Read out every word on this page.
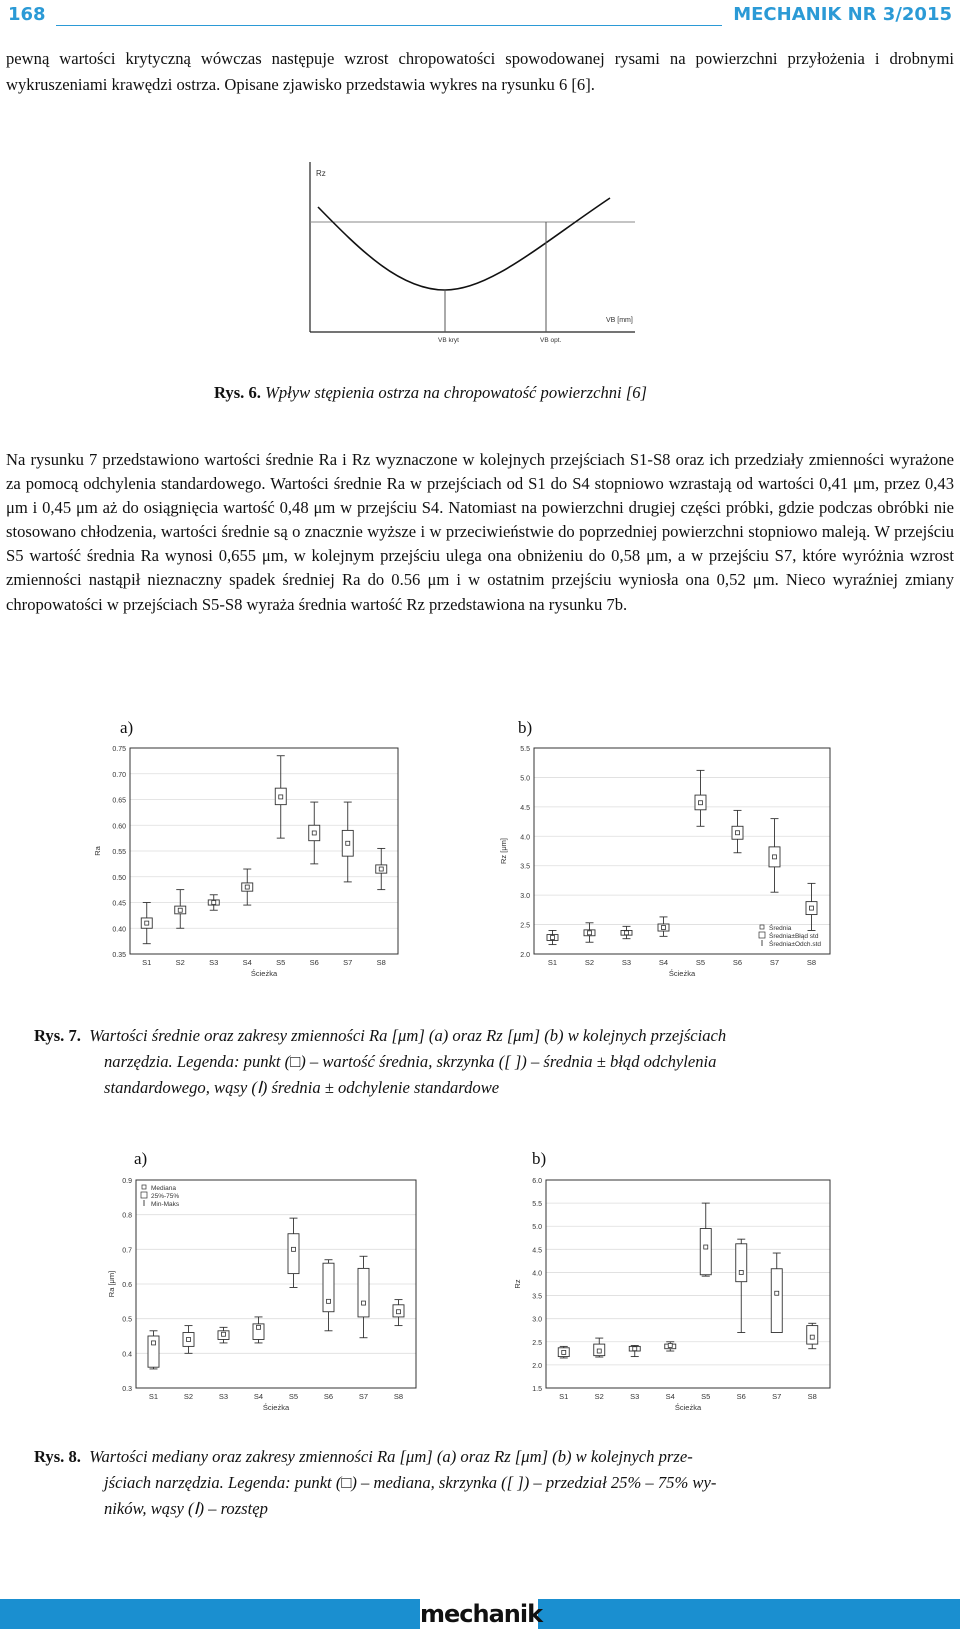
168	MECHANIK NR 3/2015

pewną wartości krytyczną wówczas następuje wzrost chropowatości spowodowanej rysami na powierzchni przyłożenia i drobnymi wykruszeniami krawędzi ostrza. Opisane zjawisko przedstawia wykres na rysunku 6 [6].

Rz
VB [mm]
VB kryt	VB opt.
Rys. 6. Wpływ stępienia ostrza na chropowatość powierzchni [6]

Na rysunku 7 przedstawiono wartości średnie Ra i Rz wyznaczone w kolejnych przejściach S1-S8 oraz ich przedziały zmienności wyrażone za pomocą odchylenia standardowego. Wartości średnie Ra w przejściach od S1 do S4 stopniowo wzrastają od wartości 0,41 μm, przez 0,43 μm i 0,45 μm aż do osiągnięcia wartość 0,48 μm w przejściu S4. Natomiast na powierzchni drugiej części próbki, gdzie podczas obróbki nie stosowano chłodzenia, wartości średnie są o znacznie wyższe i w przeciwieństwie do poprzedniej powierzchni stopniowo maleją. W przejściu S5 wartość średnia Ra wynosi 0,655 μm, w kolejnym przejściu ulega ona obniżeniu do 0,58 μm, a w przejściu S7, które wyróżnia wzrost zmienności nastąpił nieznaczny spadek średniej Ra do 0.56 μm i w ostatnim przejściu wyniosła ona 0,52 μm. Nieco wyraźniej zmiany chropowatości w przejściach S5-S8 wyraża średnia wartość Rz przedstawiona na rysunku 7b.

a)	b)
0.35
0.40
0.45
0.50
0.55
0.60
0.65
0.70
0.75
Ra
S1	S2	S3	S4	S5	S6	S7	S8
Ścieżka
2.0
2.5
3.0
3.5
4.0
4.5
5.0
5.5
Rz [μm]
S1	S2	S3	S4	S5	S6	S7	S8
Ścieżka
Średnia
Średnia±Błąd std
Średnia±Odch.std
Rys. 7. Wartości średnie oraz zakresy zmienności Ra [μm] (a) oraz Rz [μm] (b) w kolejnych przejściach
narzędzia. Legenda: punkt (□) – wartość średnia, skrzynka ([ ]) – średnia ± błąd odchylenia
standardowego, wąsy (Ⅰ) średnia ± odchylenie standardowe
a)	b)
0.3
0.4
0.5
0.6
0.7
0.8
0.9
Ra [μm]
S1	S2	S3	S4	S5	S6	S7	S8
Ścieżka
Mediana
25%-75%
Min-Maks
1.5
2.0
2.5
3.0
3.5
4.0
4.5
5.0
5.5
6.0
Rz
S1	S2	S3	S4	S5	S6	S7	S8
Ścieżka
Rys. 8. Wartości mediany oraz zakresy zmienności Ra [μm] (a) oraz Rz [μm] (b) w kolejnych prze-
jściach narzędzia. Legenda: punkt (□) – mediana, skrzynka ([ ]) – przedział 25% – 75% wy-
ników, wąsy (Ⅰ) – rozstęp
mechanik
